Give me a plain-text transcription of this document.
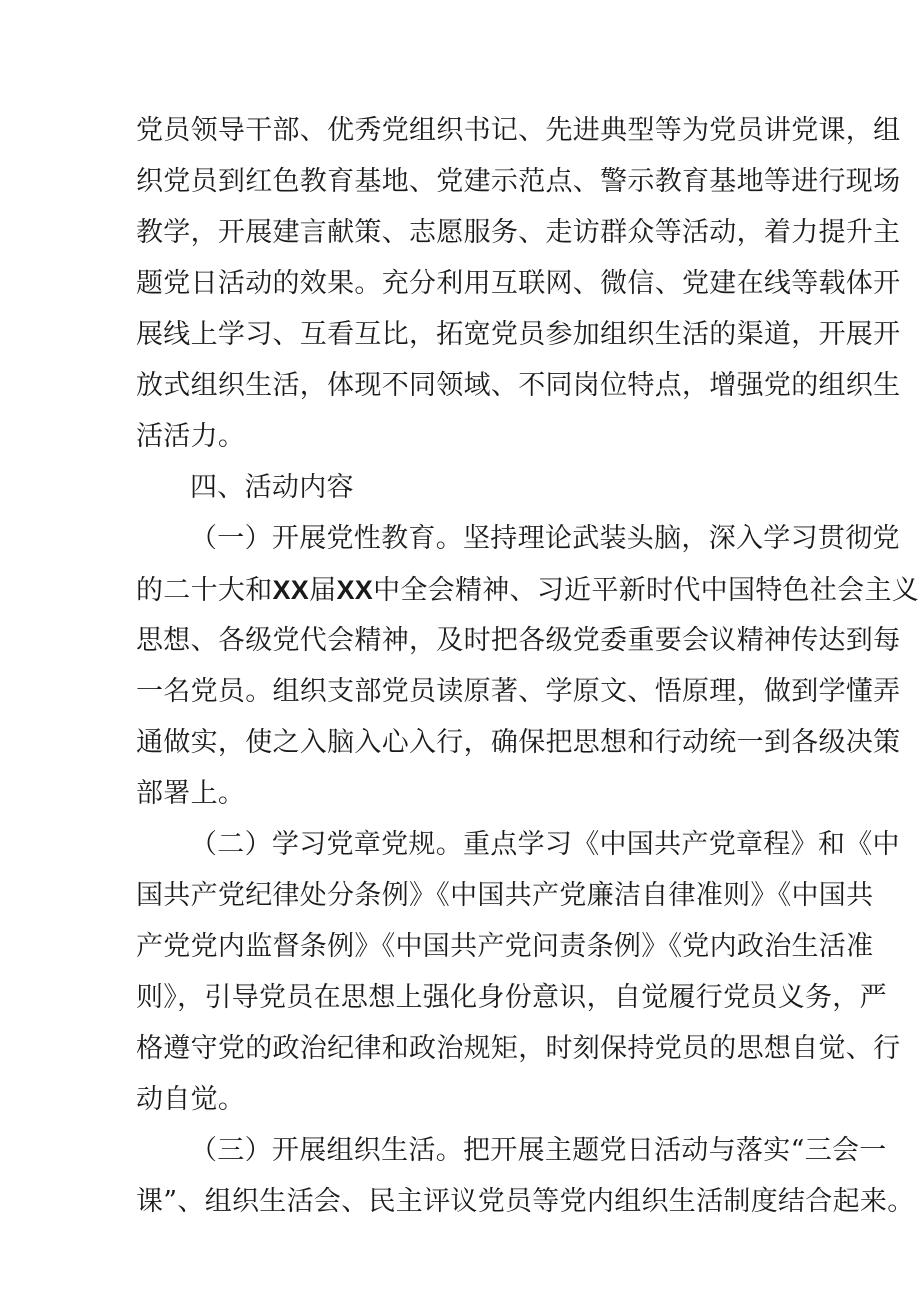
党员领导干部、优秀党组织书记、先进典型等为党员讲党课，组
织党员到红色教育基地、党建示范点、警示教育基地等进行现场
教学，开展建言献策、志愿服务、走访群众等活动，着力提升主
题党日活动的效果。充分利用互联网、微信、党建在线等载体开
展线上学习、互看互比，拓宽党员参加组织生活的渠道，开展开
放式组织生活，体现不同领域、不同岗位特点，增强党的组织生
活活力。
四、活动内容
（一）开展党性教育。坚持理论武装头脑，深入学习贯彻党
的二十大和XX届XX中全会精神、习近平新时代中国特色社会主义
思想、各级党代会精神，及时把各级党委重要会议精神传达到每
一名党员。组织支部党员读原著、学原文、悟原理，做到学懂弄
通做实，使之入脑入心入行，确保把思想和行动统一到各级决策
部署上。
（二）学习党章党规。重点学习《中国共产党章程》和《中
国共产党纪律处分条例》《中国共产党廉洁自律准则》《中国共
产党党内监督条例》《中国共产党问责条例》《党内政治生活准
则》，引导党员在思想上强化身份意识，自觉履行党员义务，严
格遵守党的政治纪律和政治规矩，时刻保持党员的思想自觉、行
动自觉。
（三）开展组织生活。把开展主题党日活动与落实“三会一
课”、组织生活会、民主评议党员等党内组织生活制度结合起来。
